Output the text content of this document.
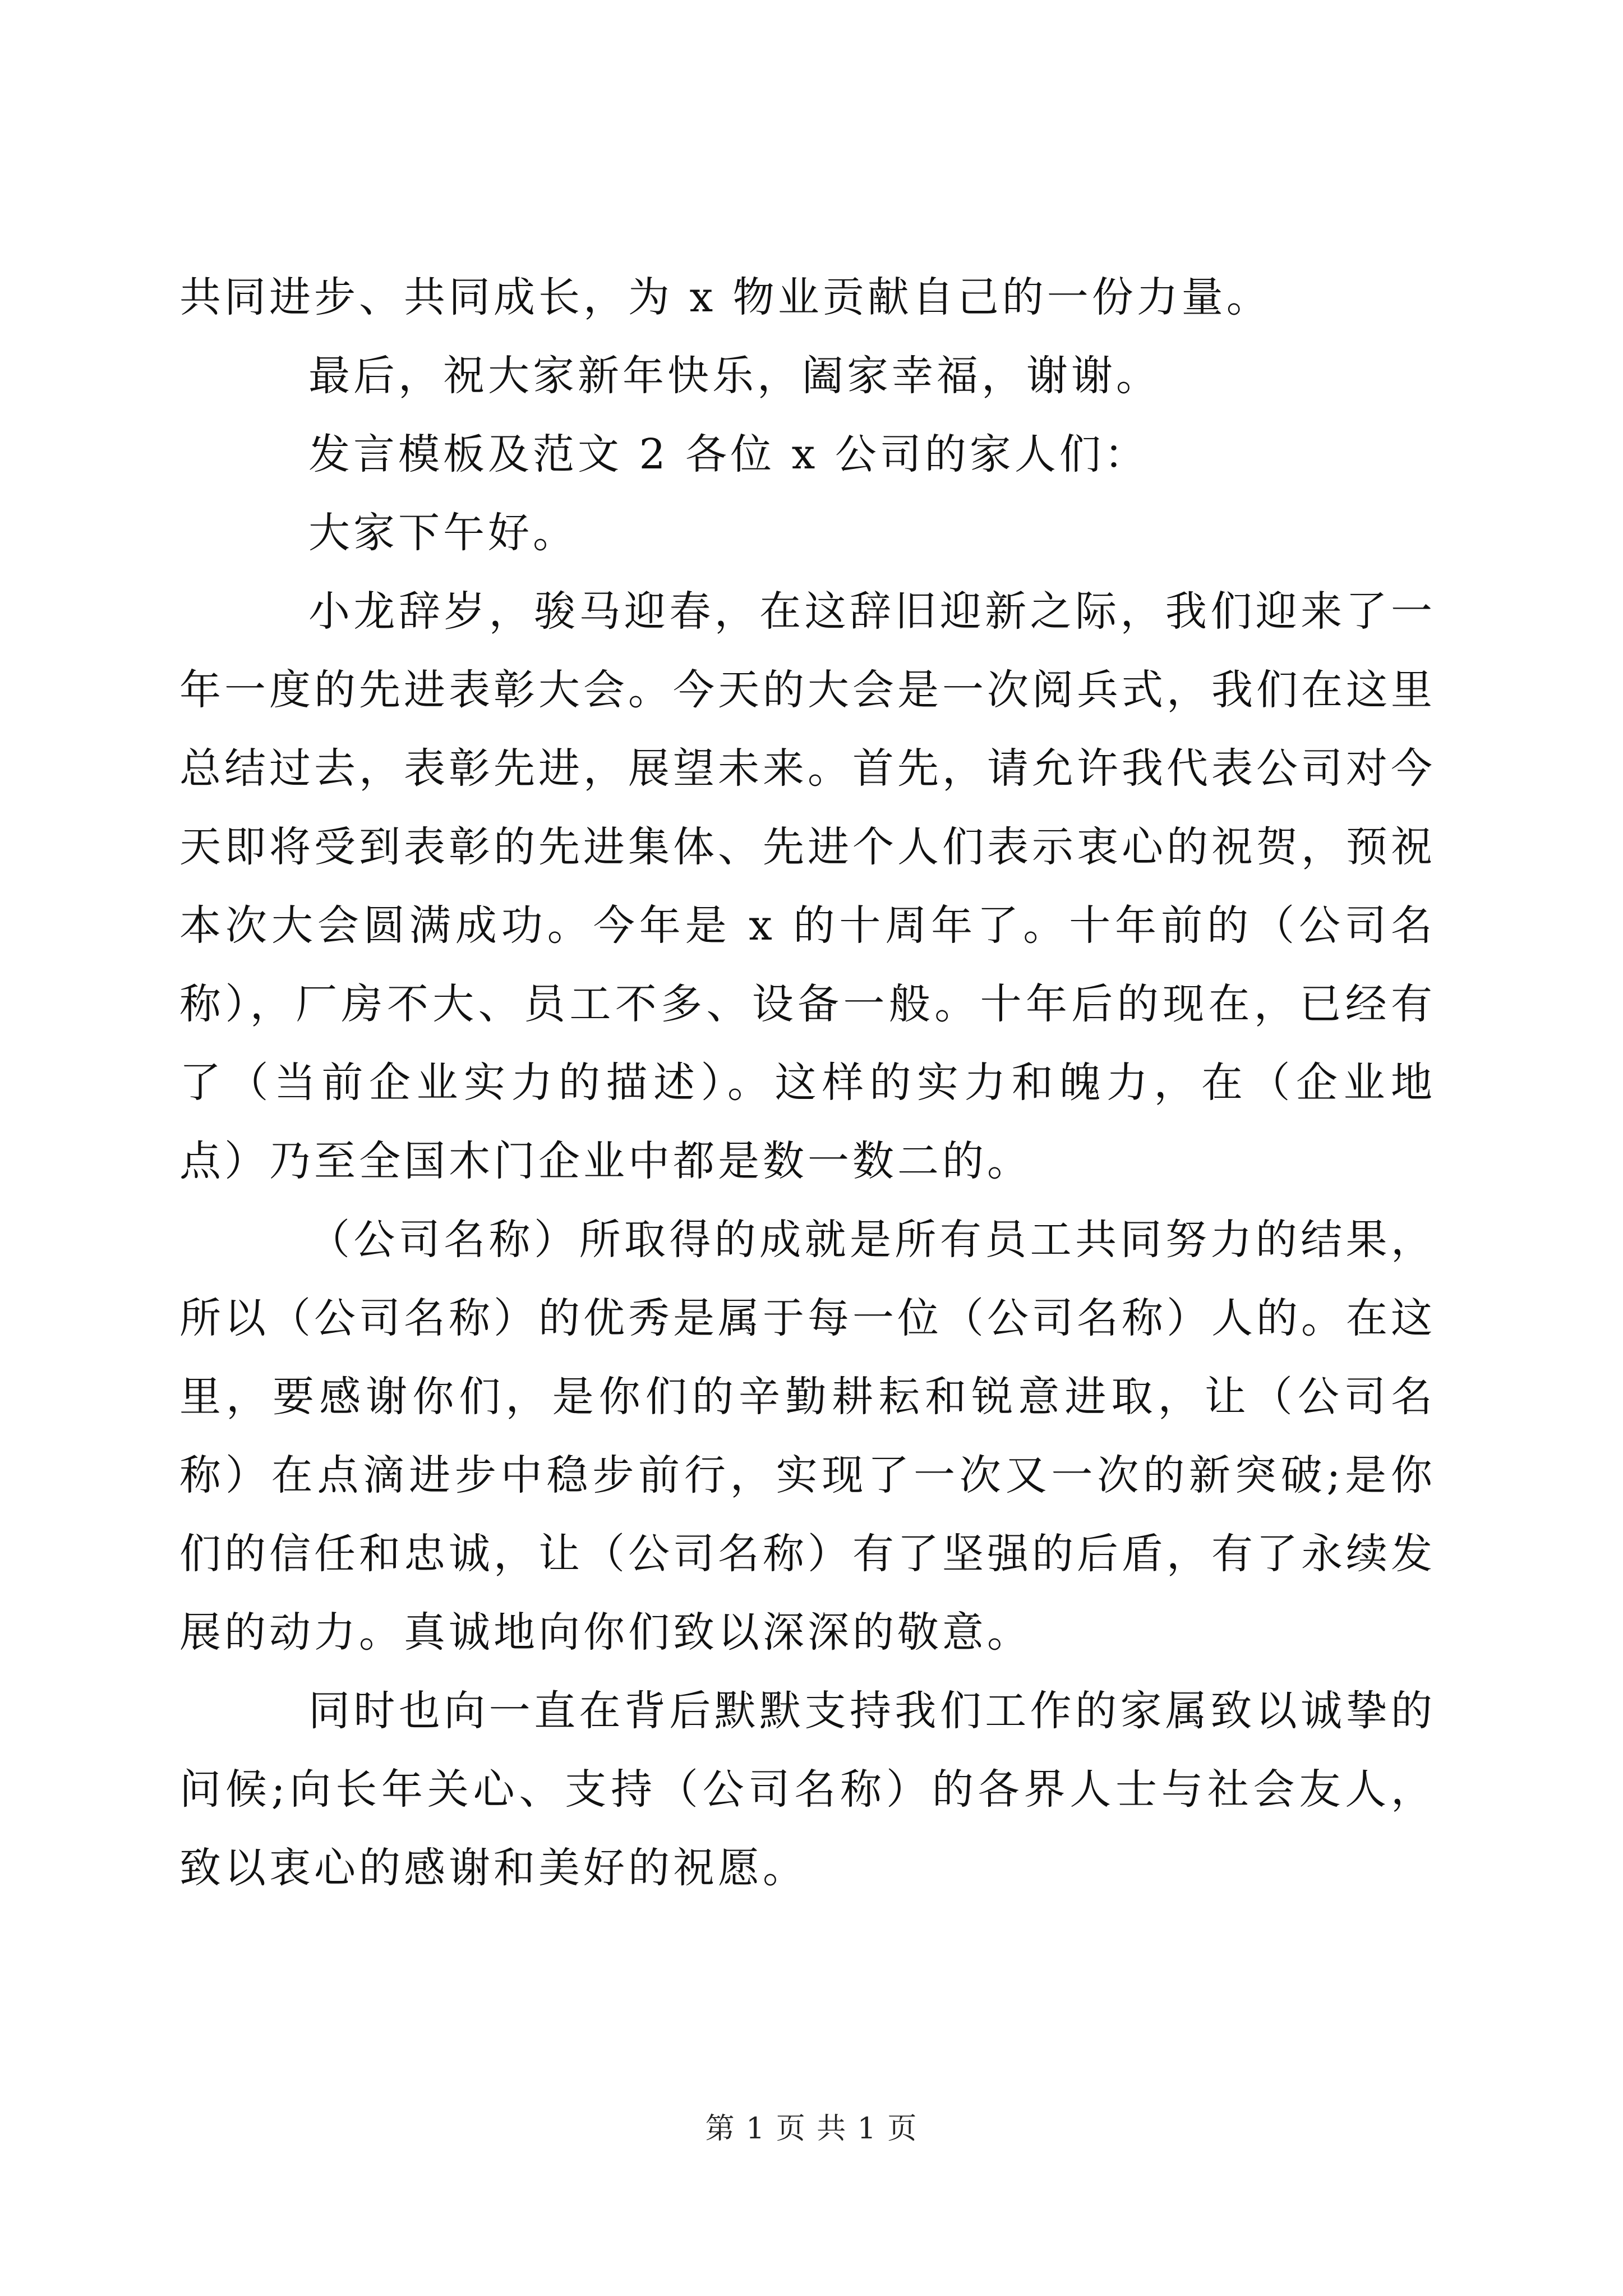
共同进步、共同成长，为 x 物业贡献自己的一份力量。

最后，祝大家新年快乐，阖家幸福，谢谢。

发言模板及范文 2 各位 x 公司的家人们：

大家下午好。

小龙辞岁，骏马迎春，在这辞旧迎新之际，我们迎来了一年一度的先进表彰大会。今天的大会是一次阅兵式，我们在这里总结过去，表彰先进，展望未来。首先，请允许我代表公司对今天即将受到表彰的先进集体、先进个人们表示衷心的祝贺，预祝本次大会圆满成功。今年是 x 的十周年了。十年前的（公司名称），厂房不大、员工不多、设备一般。十年后的现在，已经有了（当前企业实力的描述）。这样的实力和魄力，在（企业地点）乃至全国木门企业中都是数一数二的。

（公司名称）所取得的成就是所有员工共同努力的结果，所以（公司名称）的优秀是属于每一位（公司名称）人的。在这里，要感谢你们，是你们的辛勤耕耘和锐意进取，让（公司名称）在点滴进步中稳步前行，实现了一次又一次的新突破;是你们的信任和忠诚，让（公司名称）有了坚强的后盾，有了永续发展的动力。真诚地向你们致以深深的敬意。

同时也向一直在背后默默支持我们工作的家属致以诚挚的问候;向长年关心、支持（公司名称）的各界人士与社会友人，致以衷心的感谢和美好的祝愿。

第 1 页 共 1 页
